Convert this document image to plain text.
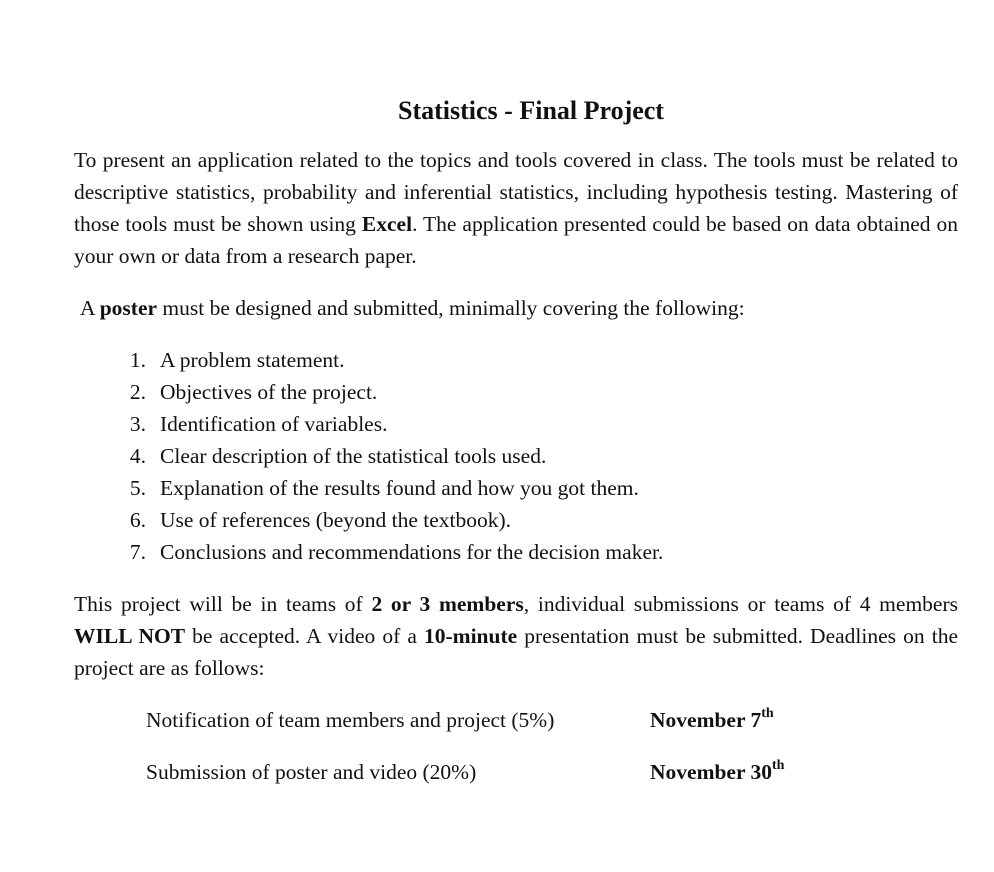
Statistics - Final Project

To present an application related to the topics and tools covered in class. The tools must be related to descriptive statistics, probability and inferential statistics, including hypothesis testing. Mastering of those tools must be shown using Excel. The application presented could be based on data obtained on your own or data from a research paper.

A poster must be designed and submitted, minimally covering the following:

1. A problem statement.
2. Objectives of the project.
3. Identification of variables.
4. Clear description of the statistical tools used.
5. Explanation of the results found and how you got them.
6. Use of references (beyond the textbook).
7. Conclusions and recommendations for the decision maker.

This project will be in teams of 2 or 3 members, individual submissions or teams of 4 members WILL NOT be accepted. A video of a 10-minute presentation must be submitted. Deadlines on the project are as follows:

Notification of team members and project (5%)	November 7th
Submission of poster and video (20%)	November 30th
